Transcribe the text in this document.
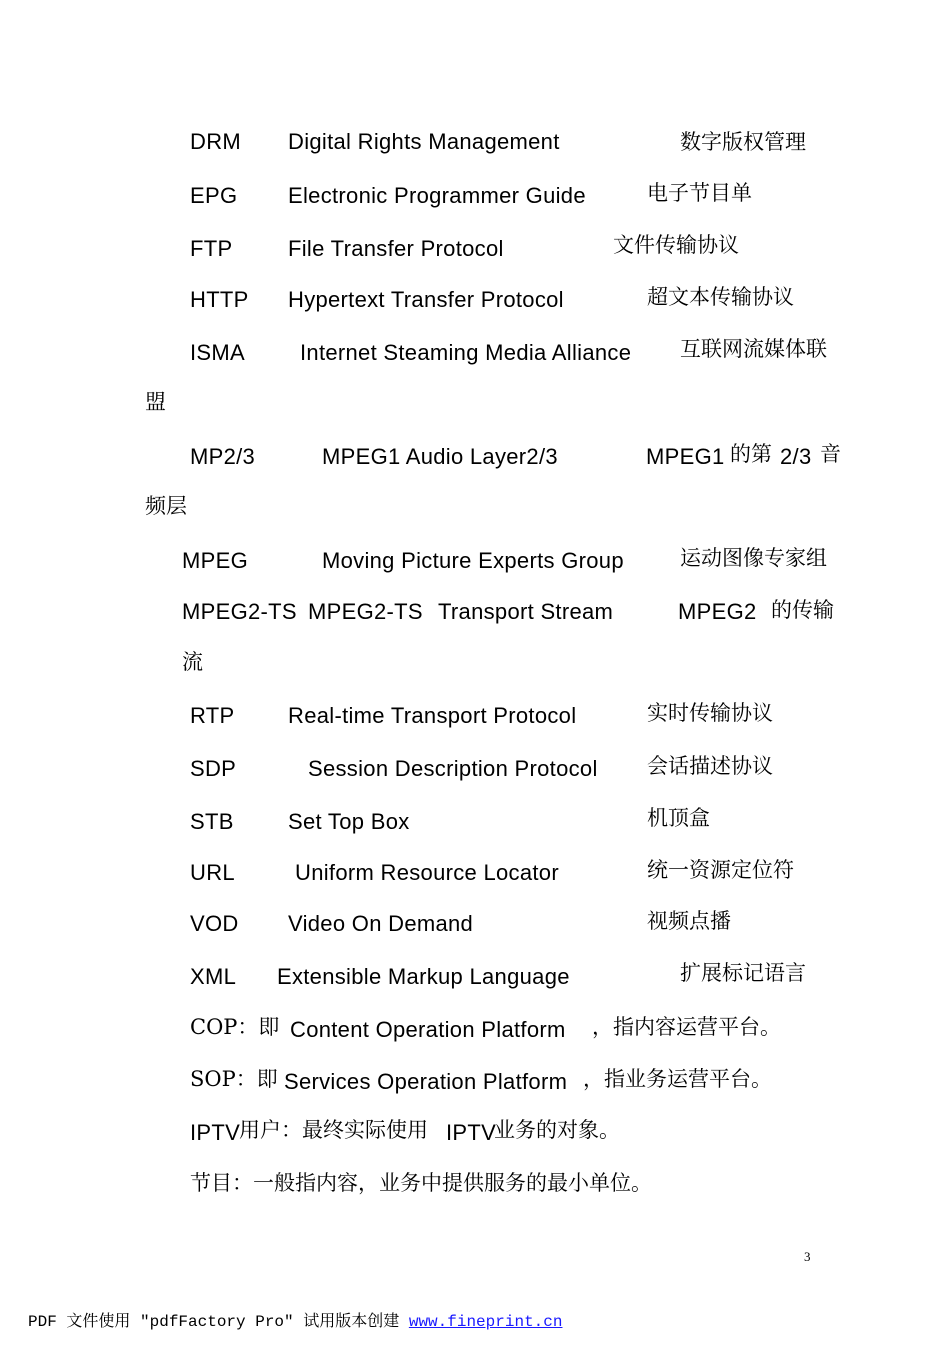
DRM Digital Rights Management	数字版权管理
EPG Electronic Programmer Guide	电子节目单
FTP	File Transfer Protocol	文件传输协议
HTTP Hypertext Transfer Protocol	超文本传输协议
ISMA	Internet Steaming Media Alliance 互联网流媒体联
盟
MP2/3	MPEG1 Audio Layer2/3	MPEG1 的第 2/3 音
频层
MPEG	Moving Picture Experts Group	运动图像专家组
MPEG2-TS MPEG2-TS Transport Stream	MPEG2 的传输
流
RTP Real-time Transport Protocol	实时传输协议
SDP	Session Description Protocol 会话描述协议
STB Set Top Box	机顶盒
URL	Uniform Resource Locator	统一资源定位符
VOD Video On Demand	视频点播
XML Extensible Markup Language	扩展标记语言
COP：即 Content Operation Platform ，指内容运营平台。
SOP：即 Services Operation Platform ，指业务运营平台。
IPTV
用户：最终实际使用 IPTV
业务的对象。
节目：一般指内容，业务中提供服务的最小单位。
3
PDF 文件使用 "pdfFactory Pro" 试用版本创建 www.fineprint.cn
